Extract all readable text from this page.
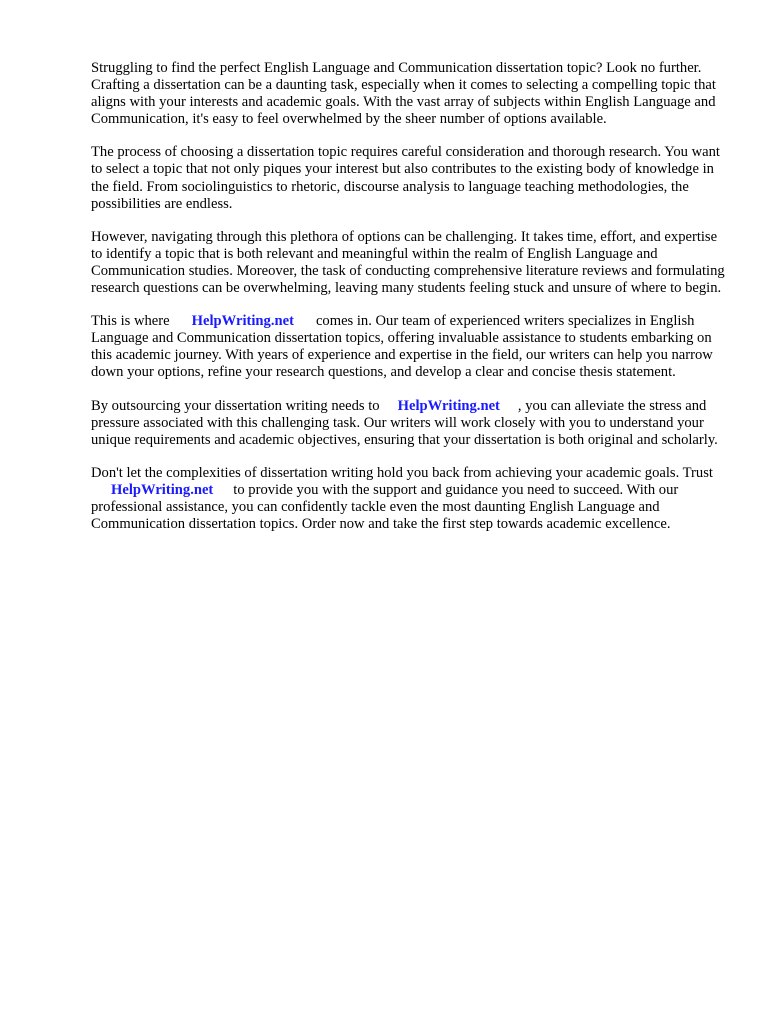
Struggling to find the perfect English Language and Communication dissertation topic? Look no further. Crafting a dissertation can be a daunting task, especially when it comes to selecting a compelling topic that aligns with your interests and academic goals. With the vast array of subjects within English Language and Communication, it's easy to feel overwhelmed by the sheer number of options available.

The process of choosing a dissertation topic requires careful consideration and thorough research. You want to select a topic that not only piques your interest but also contributes to the existing body of knowledge in the field. From sociolinguistics to rhetoric, discourse analysis to language teaching methodologies, the possibilities are endless.

However, navigating through this plethora of options can be challenging. It takes time, effort, and expertise to identify a topic that is both relevant and meaningful within the realm of English Language and Communication studies. Moreover, the task of conducting comprehensive literature reviews and formulating research questions can be overwhelming, leaving many students feeling stuck and unsure of where to begin.

This is where HelpWriting.net comes in. Our team of experienced writers specializes in English Language and Communication dissertation topics, offering invaluable assistance to students embarking on this academic journey. With years of experience and expertise in the field, our writers can help you narrow down your options, refine your research questions, and develop a clear and concise thesis statement.

By outsourcing your dissertation writing needs to HelpWriting.net , you can alleviate the stress and pressure associated with this challenging task. Our writers will work closely with you to understand your unique requirements and academic objectives, ensuring that your dissertation is both original and scholarly.

Don't let the complexities of dissertation writing hold you back from achieving your academic goals. TrustHelpWriting.net to provide you with the support and guidance you need to succeed. With our professional assistance, you can confidently tackle even the most daunting English Language and Communication dissertation topics. Order now and take the first step towards academic excellence.
